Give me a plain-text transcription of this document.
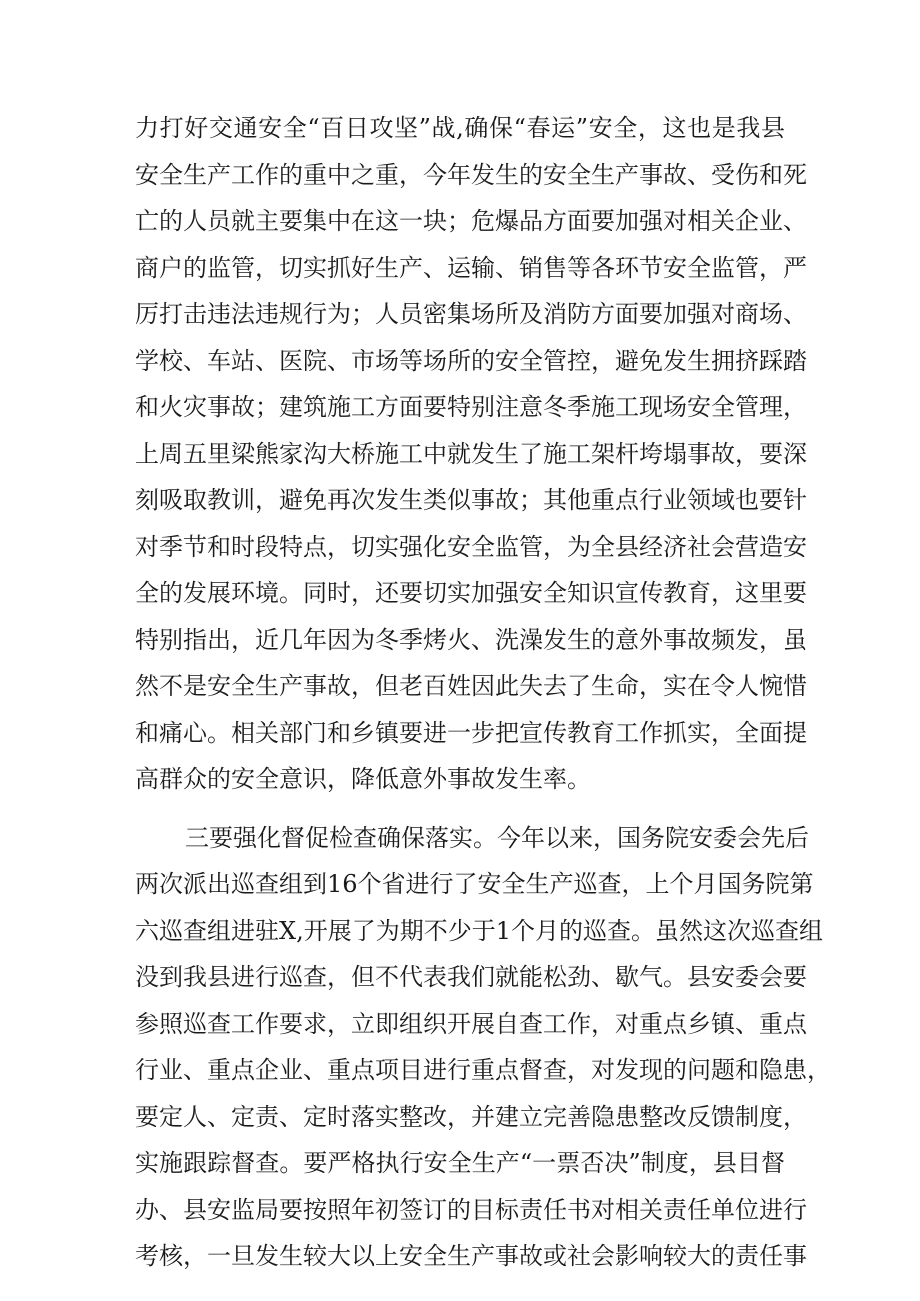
力打好交通安全“百日攻坚”战,确保“春运”安全，这也是我县
安全生产工作的重中之重，今年发生的安全生产事故、受伤和死
亡的人员就主要集中在这一块；危爆品方面要加强对相关企业、
商户的监管，切实抓好生产、运输、销售等各环节安全监管，严
厉打击违法违规行为；人员密集场所及消防方面要加强对商场、
学校、车站、医院、市场等场所的安全管控，避免发生拥挤踩踏
和火灾事故；建筑施工方面要特别注意冬季施工现场安全管理，
上周五里梁熊家沟大桥施工中就发生了施工架杆垮塌事故，要深
刻吸取教训，避免再次发生类似事故；其他重点行业领域也要针
对季节和时段特点，切实强化安全监管，为全县经济社会营造安
全的发展环境。同时，还要切实加强安全知识宣传教育，这里要
特别指出，近几年因为冬季烤火、洗澡发生的意外事故频发，虽
然不是安全生产事故，但老百姓因此失去了生命，实在令人惋惜
和痛心。相关部门和乡镇要进一步把宣传教育工作抓实，全面提
高群众的安全意识，降低意外事故发生率。
三要强化督促检查确保落实。今年以来，国务院安委会先后
两次派出巡查组到16个省进行了安全生产巡查，上个月国务院第
六巡查组进驻X,开展了为期不少于1个月的巡查。虽然这次巡查组
没到我县进行巡查，但不代表我们就能松劲、歇气。县安委会要
参照巡查工作要求，立即组织开展自查工作，对重点乡镇、重点
行业、重点企业、重点项目进行重点督查，对发现的问题和隐患，
要定人、定责、定时落实整改，并建立完善隐患整改反馈制度，
实施跟踪督查。要严格执行安全生产“一票否决”制度，县目督
办、县安监局要按照年初签订的目标责任书对相关责任单位进行
考核，一旦发生较大以上安全生产事故或社会影响较大的责任事
